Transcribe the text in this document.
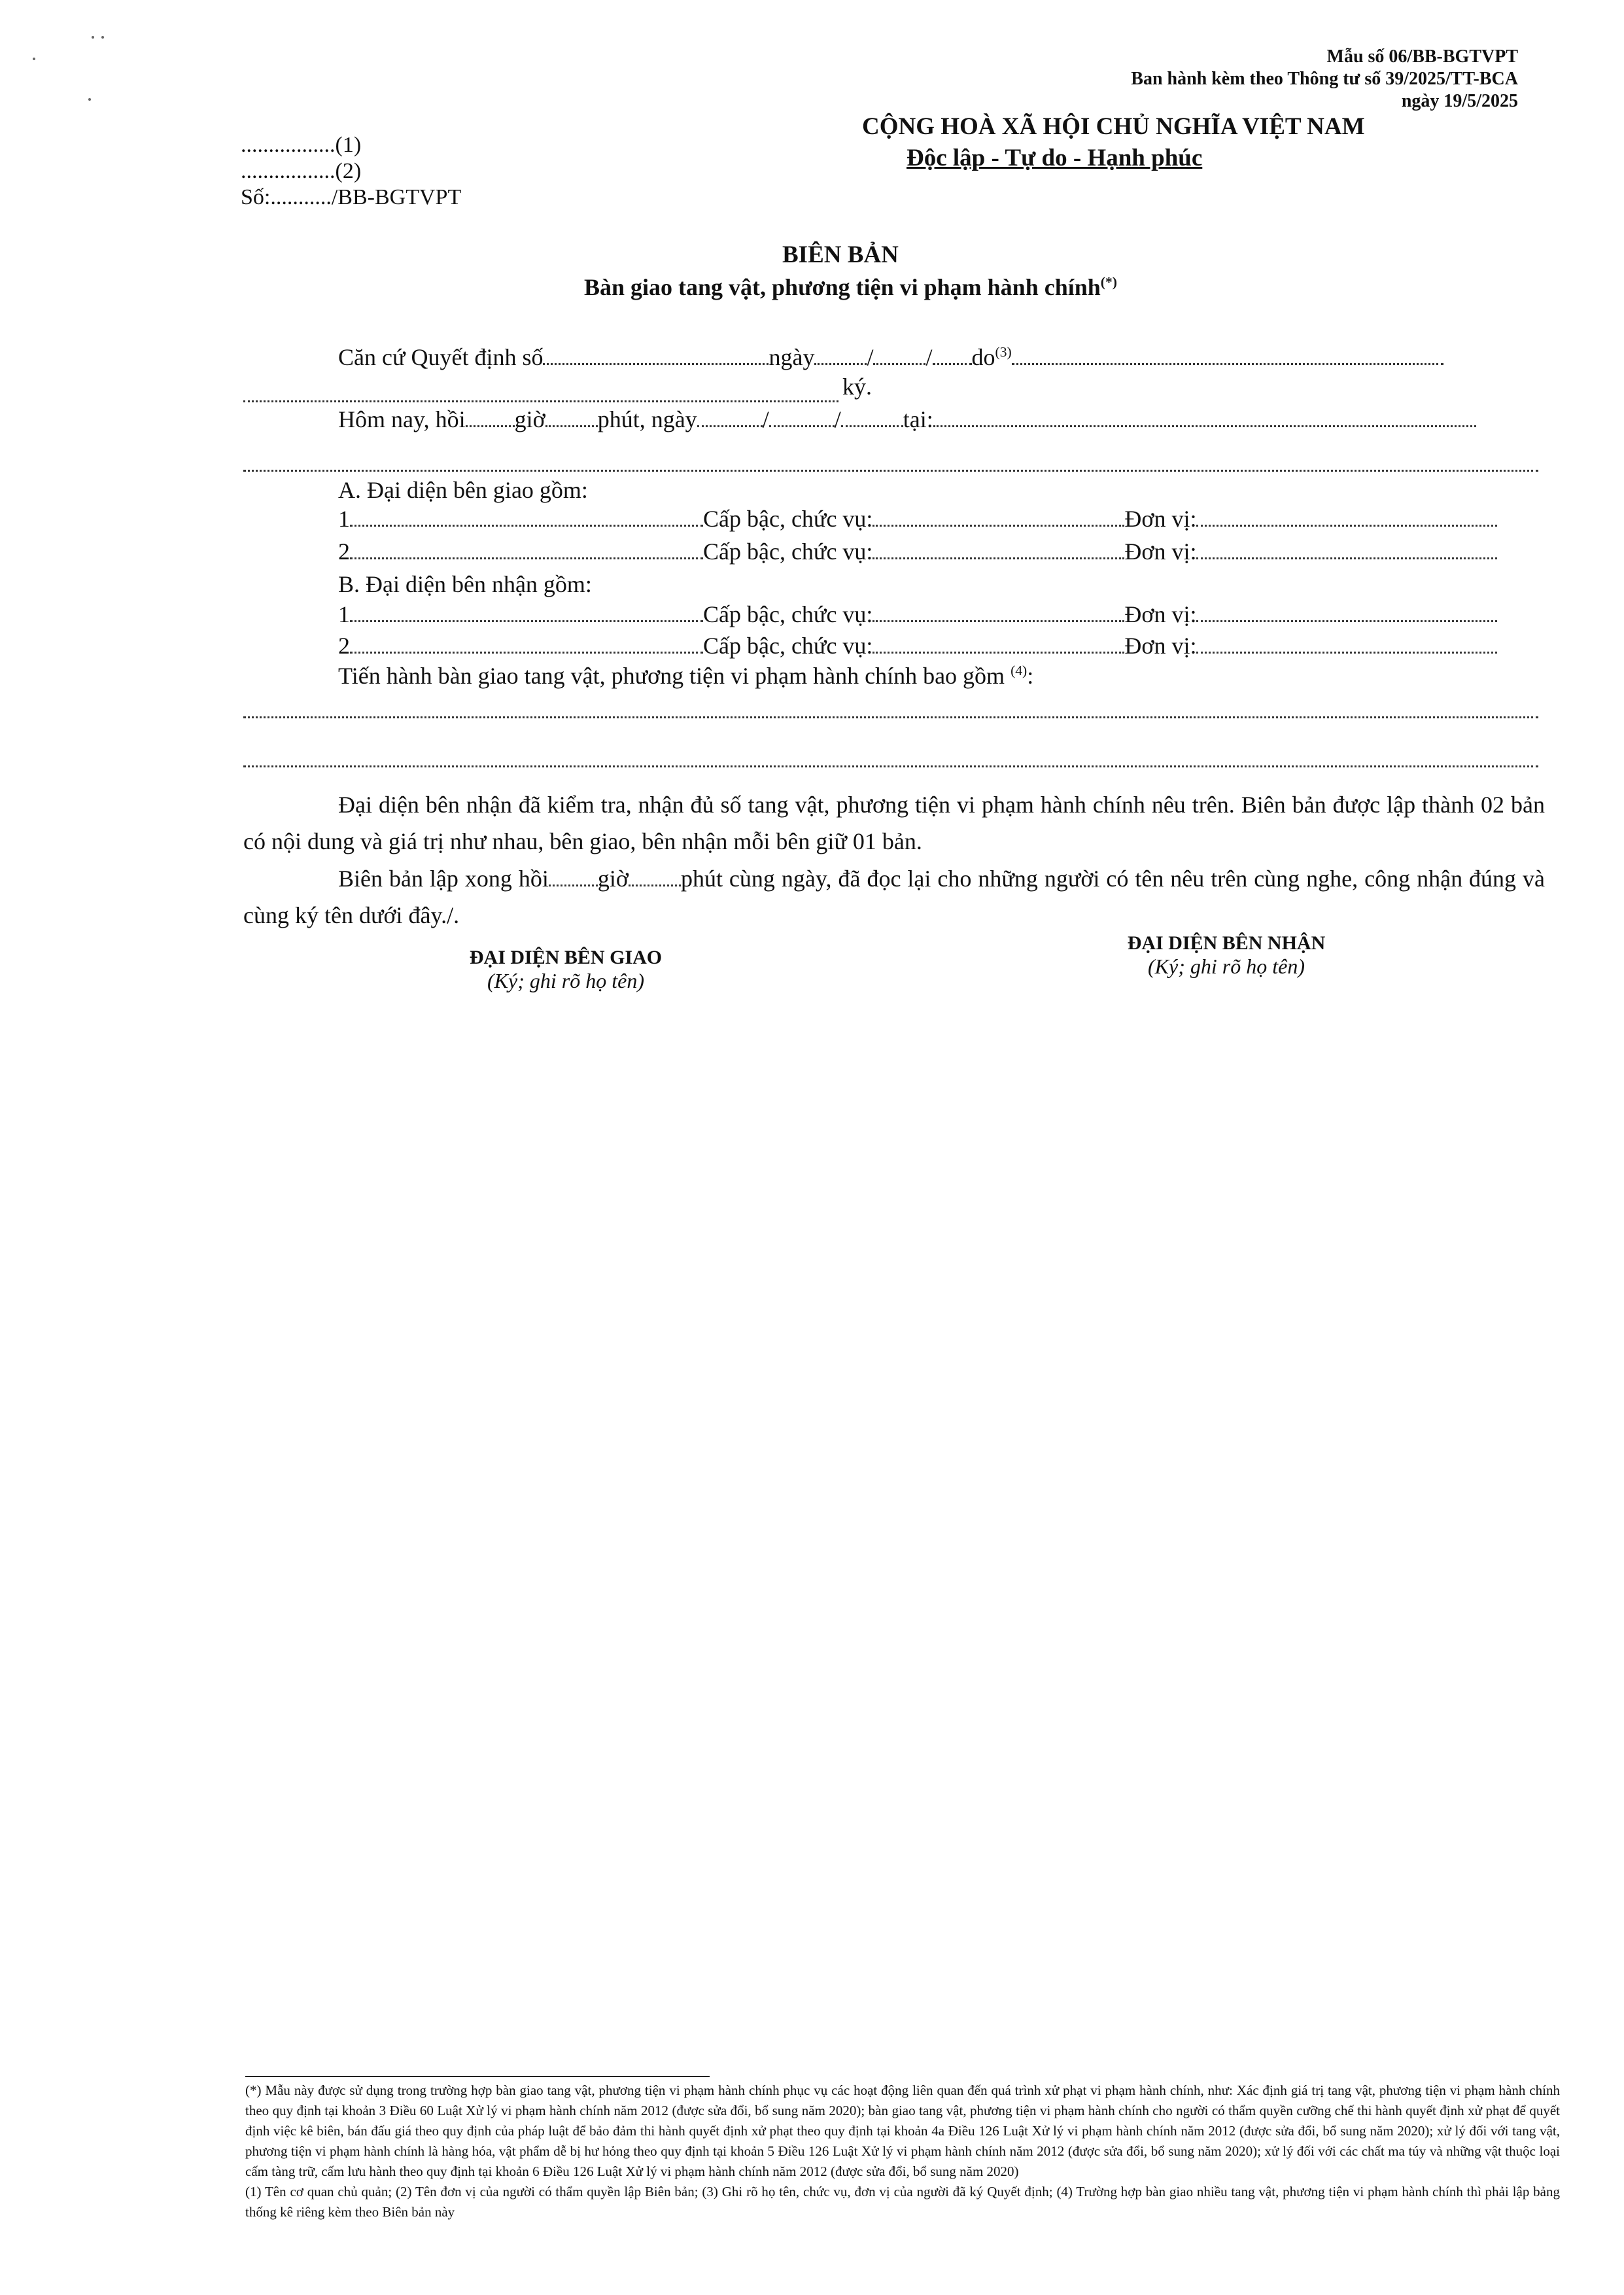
Mẫu số 06/BB-BGTVPT
Ban hành kèm theo Thông tư số 39/2025/TT-BCA
ngày 19/5/2025
.................(1)
.................(2)
Số:.........../BB-BGTVPT
CỘNG HOÀ XÃ HỘI CHỦ NGHĨA VIỆT NAM
Độc lập - Tự do - Hạnh phúc
BIÊN BẢN
Bàn giao tang vật, phương tiện vi phạm hành chính(*)
Căn cứ Quyết định số	ngày / / $do^{(3)}$
ký.
Hôm nay, hồi giờ phút, ngày	/	/	tại:
A. Đại diện bên giao gồm:
1	Cấp bậc, chức vụ:	Đơn vị:
2	Cấp bậc, chức vụ:	Đơn vị:
B. Đại diện bên nhận gồm:
1	Cấp bậc, chức vụ:	Đơn vị:
2	Cấp bậc, chức vụ:	Đơn vị:
Tiến hành bàn giao tang vật, phương tiện vi phạm hành chính bao gồm $^{(4)}$:
Đại diện bên nhận đã kiểm tra, nhận đủ số tang vật, phương tiện vi phạm hành chính nêu trên. Biên bản được lập thành 02 bản có nội dung và giá trị như nhau, bên giao, bên nhận mỗi bên giữ 01 bản.
Biên bản lập xong hồi giờ phút cùng ngày, đã đọc lại cho những người có tên nêu trên cùng nghe, công nhận đúng và cùng ký tên dưới đây./.
ĐẠI DIỆN BÊN GIAO
(Ký; ghi rõ họ tên)
ĐẠI DIỆN BÊN NHẬN
(Ký; ghi rõ họ tên)
(*) Mẫu này được sử dụng trong trường hợp bàn giao tang vật, phương tiện vi phạm hành chính phục vụ các hoạt động liên quan đến quá trình xử phạt vi phạm hành chính, như: Xác định giá trị tang vật, phương tiện vi phạm hành chính theo quy định tại khoản 3 Điều 60 Luật Xử lý vi phạm hành chính năm 2012 (được sửa đổi, bổ sung năm 2020); bàn giao tang vật, phương tiện vi phạm hành chính cho người có thẩm quyền cưỡng chế thi hành quyết định xử phạt để quyết định việc kê biên, bán đấu giá theo quy định của pháp luật để bảo đảm thi hành quyết định xử phạt theo quy định tại khoản 4a Điều 126 Luật Xử lý vi phạm hành chính năm 2012 (được sửa đổi, bổ sung năm 2020); xử lý đối với tang vật, phương tiện vi phạm hành chính là hàng hóa, vật phẩm dễ bị hư hỏng theo quy định tại khoản 5 Điều 126 Luật Xử lý vi phạm hành chính năm 2012 (được sửa đổi, bổ sung năm 2020); xử lý đối với các chất ma túy và những vật thuộc loại cấm tàng trữ, cấm lưu hành theo quy định tại khoản 6 Điều 126 Luật Xử lý vi phạm hành chính năm 2012 (được sửa đổi, bổ sung năm 2020)
(1) Tên cơ quan chủ quản; (2) Tên đơn vị của người có thẩm quyền lập Biên bản; (3) Ghi rõ họ tên, chức vụ, đơn vị của người đã ký Quyết định; (4) Trường hợp bàn giao nhiều tang vật, phương tiện vi phạm hành chính thì phải lập bảng thống kê riêng kèm theo Biên bản này
